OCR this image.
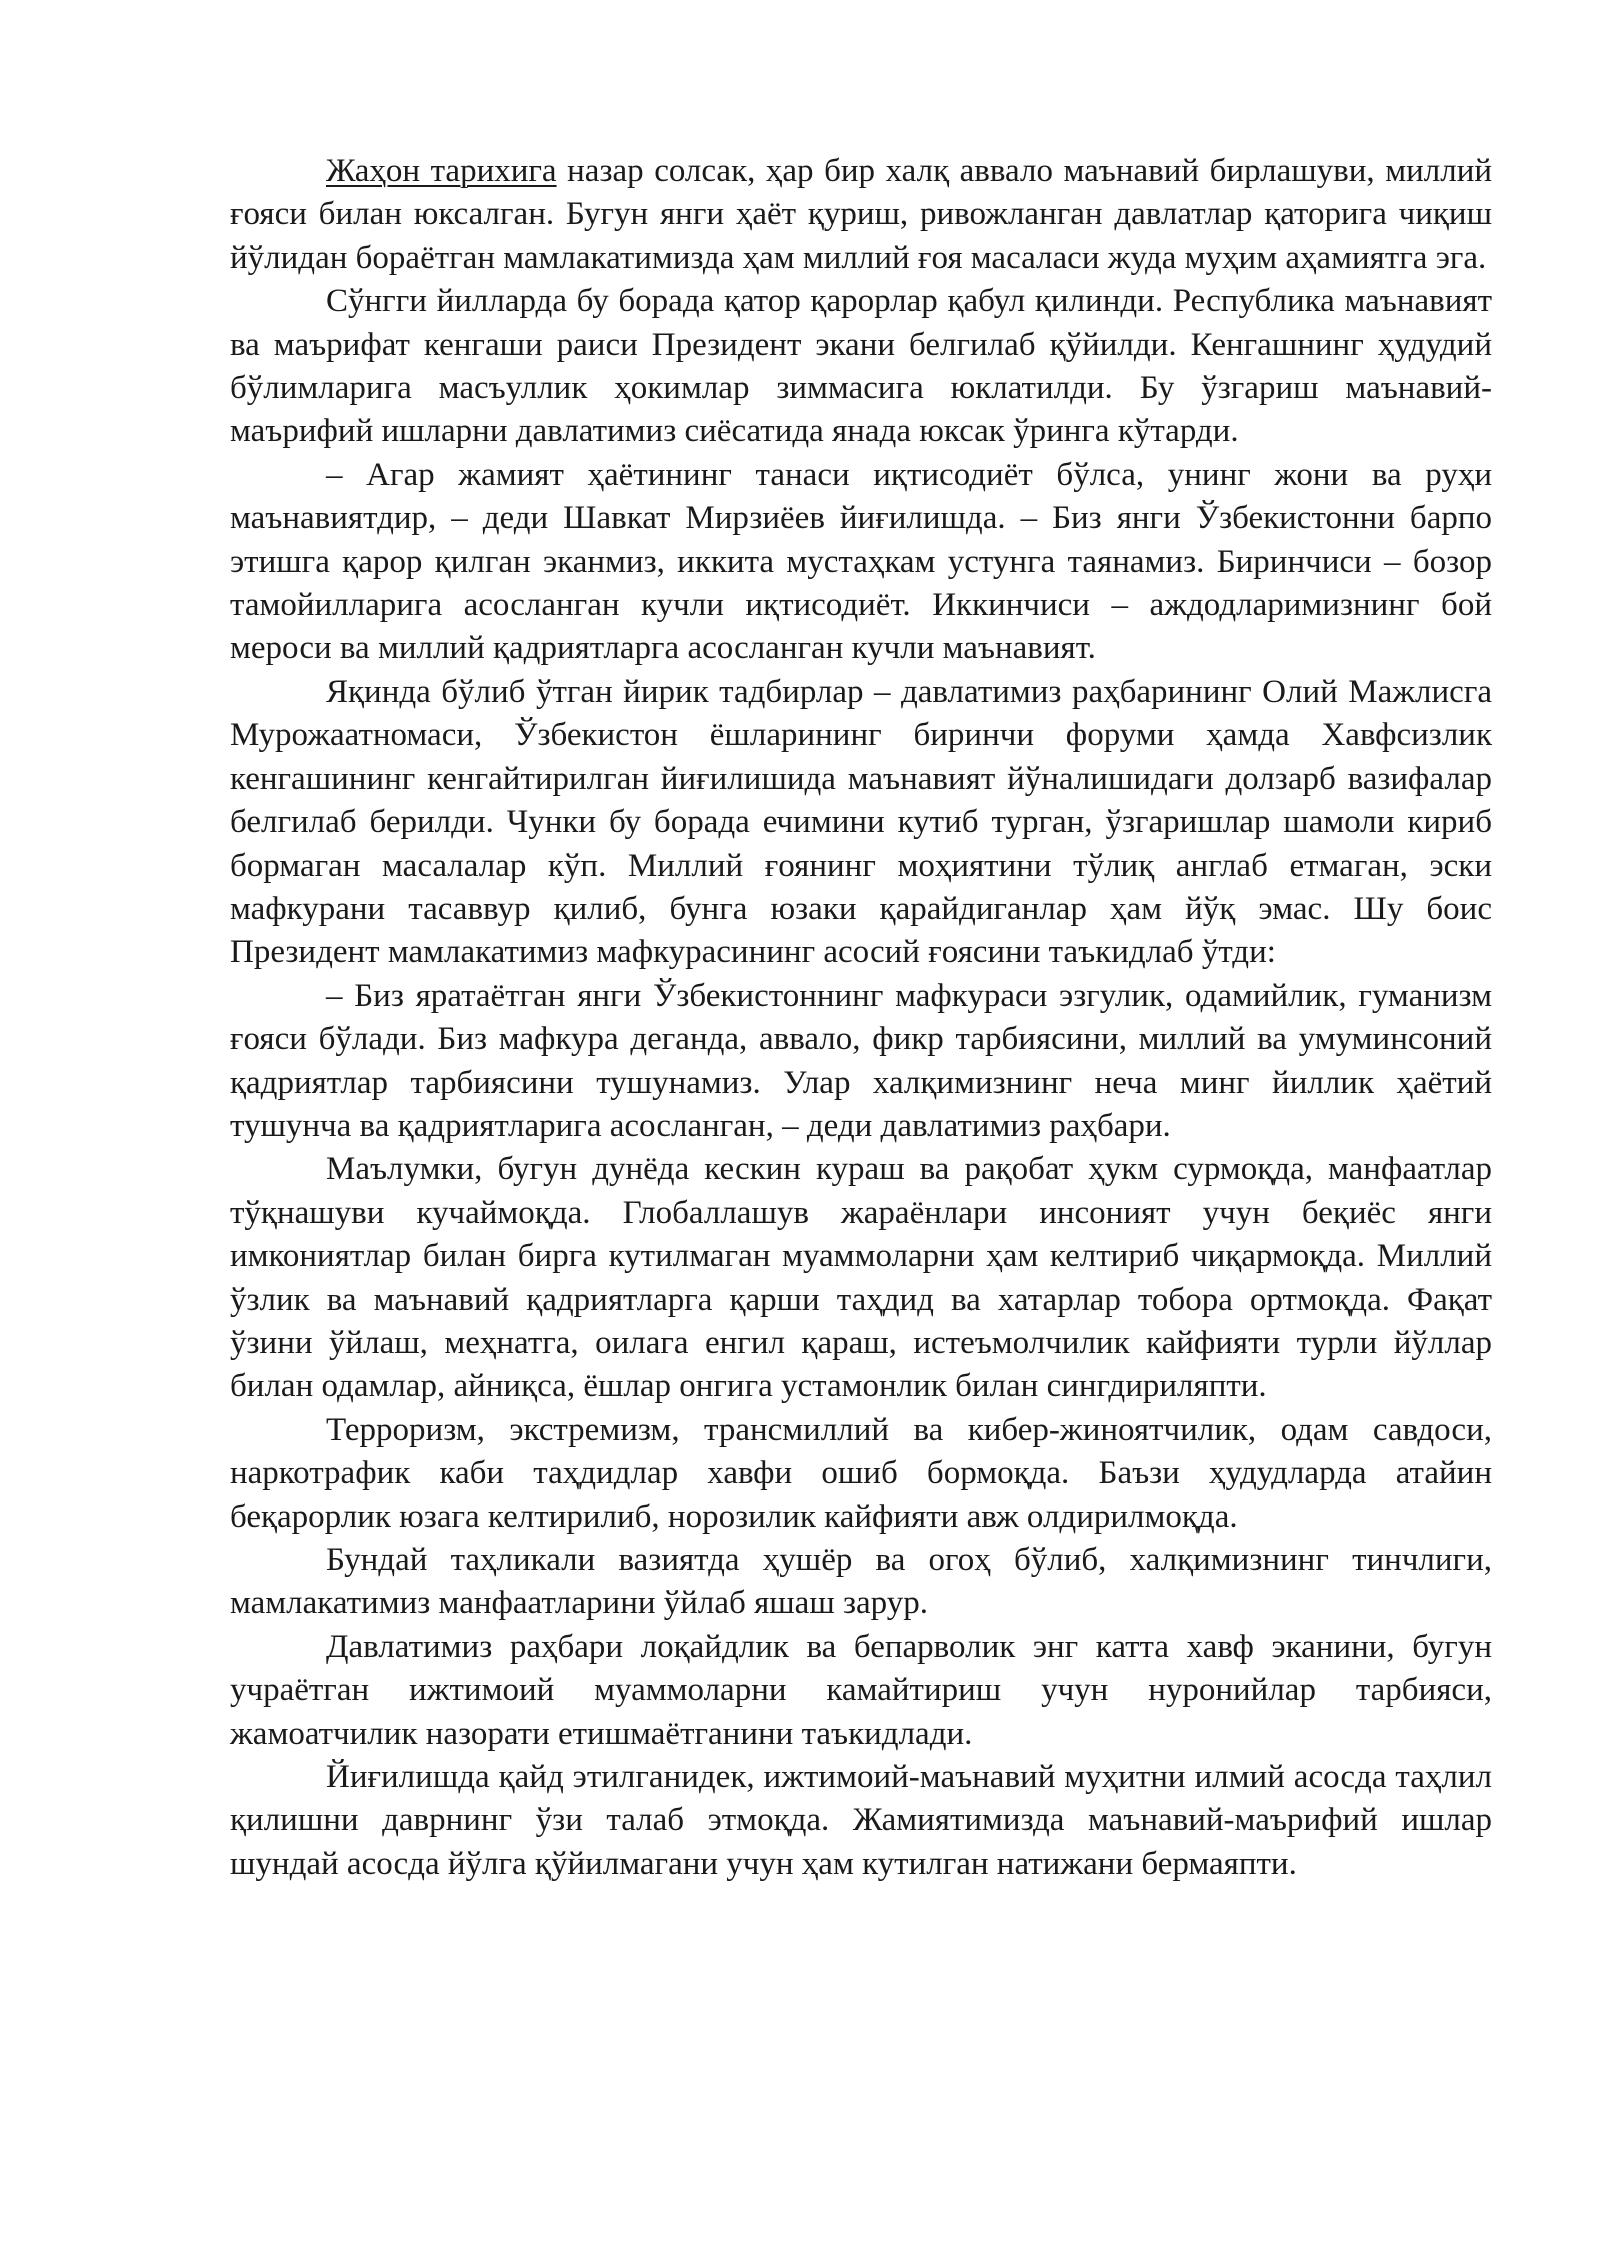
Жаҳон тарихига назар солсак, ҳар бир халқ аввало маънавий бирлашуви, миллий ғояси билан юксалган. Бугун янги ҳаёт қуриш, ривожланган давлатлар қаторига чиқиш йўлидан бораётган мамлакатимизда ҳам миллий ғоя масаласи жуда муҳим аҳамиятга эга.

Сўнгги йилларда бу борада қатор қарорлар қабул қилинди. Республика маънавият ва маърифат кенгаши раиси Президент экани белгилаб қўйилди. Кенгашнинг ҳудудий бўлимларига масъуллик ҳокимлар зиммасига юклатилди. Бу ўзгариш маънавий-маърифий ишларни давлатимиз сиёсатида янада юксак ўринга кўтарди.

– Агар жамият ҳаётининг танаси иқтисодиёт бўлса, унинг жони ва руҳи маънавиятдир, – деди Шавкат Мирзиёев йиғилишда. – Биз янги Ўзбекистонни барпо этишга қарор қилган эканмиз, иккита мустаҳкам устунга таянамиз. Биринчиси – бозор тамойилларига асосланган кучли иқтисодиёт. Иккинчиси – аждодларимизнинг бой мероси ва миллий қадриятларга асосланган кучли маънавият.

Яқинда бўлиб ўтган йирик тадбирлар – давлатимиз раҳбарининг Олий Мажлисга Мурожаатномаси, Ўзбекистон ёшларининг биринчи форуми ҳамда Хавфсизлик кенгашининг кенгайтирилган йиғилишида маънавият йўналишидаги долзарб вазифалар белгилаб берилди. Чунки бу борада ечимини кутиб турган, ўзгаришлар шамоли кириб бормаган масалалар кўп. Миллий ғоянинг моҳиятини тўлиқ англаб етмаган, эски мафкурани тасаввур қилиб, бунга юзаки қарайдиганлар ҳам йўқ эмас. Шу боис Президент мамлакатимиз мафкурасининг асосий ғоясини таъкидлаб ўтди:

– Биз яратаётган янги Ўзбекистоннинг мафкураси эзгулик, одамийлик, гуманизм ғояси бўлади. Биз мафкура деганда, аввало, фикр тарбиясини, миллий ва умуминсоний қадриятлар тарбиясини тушунамиз. Улар халқимизнинг неча минг йиллик ҳаётий тушунча ва қадриятларига асосланган, – деди давлатимиз раҳбари.

Маълумки, бугун дунёда кескин кураш ва рақобат ҳукм сурмоқда, манфаатлар тўқнашуви кучаймоқда. Глобаллашув жараёнлари инсоният учун беқиёс янги имкониятлар билан бирга кутилмаган муаммоларни ҳам келтириб чиқармоқда. Миллий ўзлик ва маънавий қадриятларга қарши таҳдид ва хатарлар тобора ортмоқда. Фақат ўзини ўйлаш, меҳнатга, оилага енгил қараш, истеъмолчилик кайфияти турли йўллар билан одамлар, айниқса, ёшлар онгига устамонлик билан сингдириляпти.

Терроризм, экстремизм, трансмиллий ва кибер-жиноятчилик, одам савдоси, наркотрафик каби таҳдидлар хавфи ошиб бормоқда. Баъзи ҳудудларда атайин беқарорлик юзага келтирилиб, норозилик кайфияти авж олдирилмоқда.

Бундай таҳликали вазиятда ҳушёр ва огоҳ бўлиб, халқимизнинг тинчлиги, мамлакатимиз манфаатларини ўйлаб яшаш зарур.

Давлатимиз раҳбари лоқайдлик ва бепарволик энг катта хавф эканини, бугун учраётган ижтимоий муаммоларни камайтириш учун нуронийлар тарбияси, жамоатчилик назорати етишмаётганини таъкидлади.

Йиғилишда қайд этилганидек, ижтимоий-маънавий муҳитни илмий асосда таҳлил қилишни даврнинг ўзи талаб этмоқда. Жамиятимизда маънавий-маърифий ишлар шундай асосда йўлга қўйилмагани учун ҳам кутилган натижани бермаяпти.
